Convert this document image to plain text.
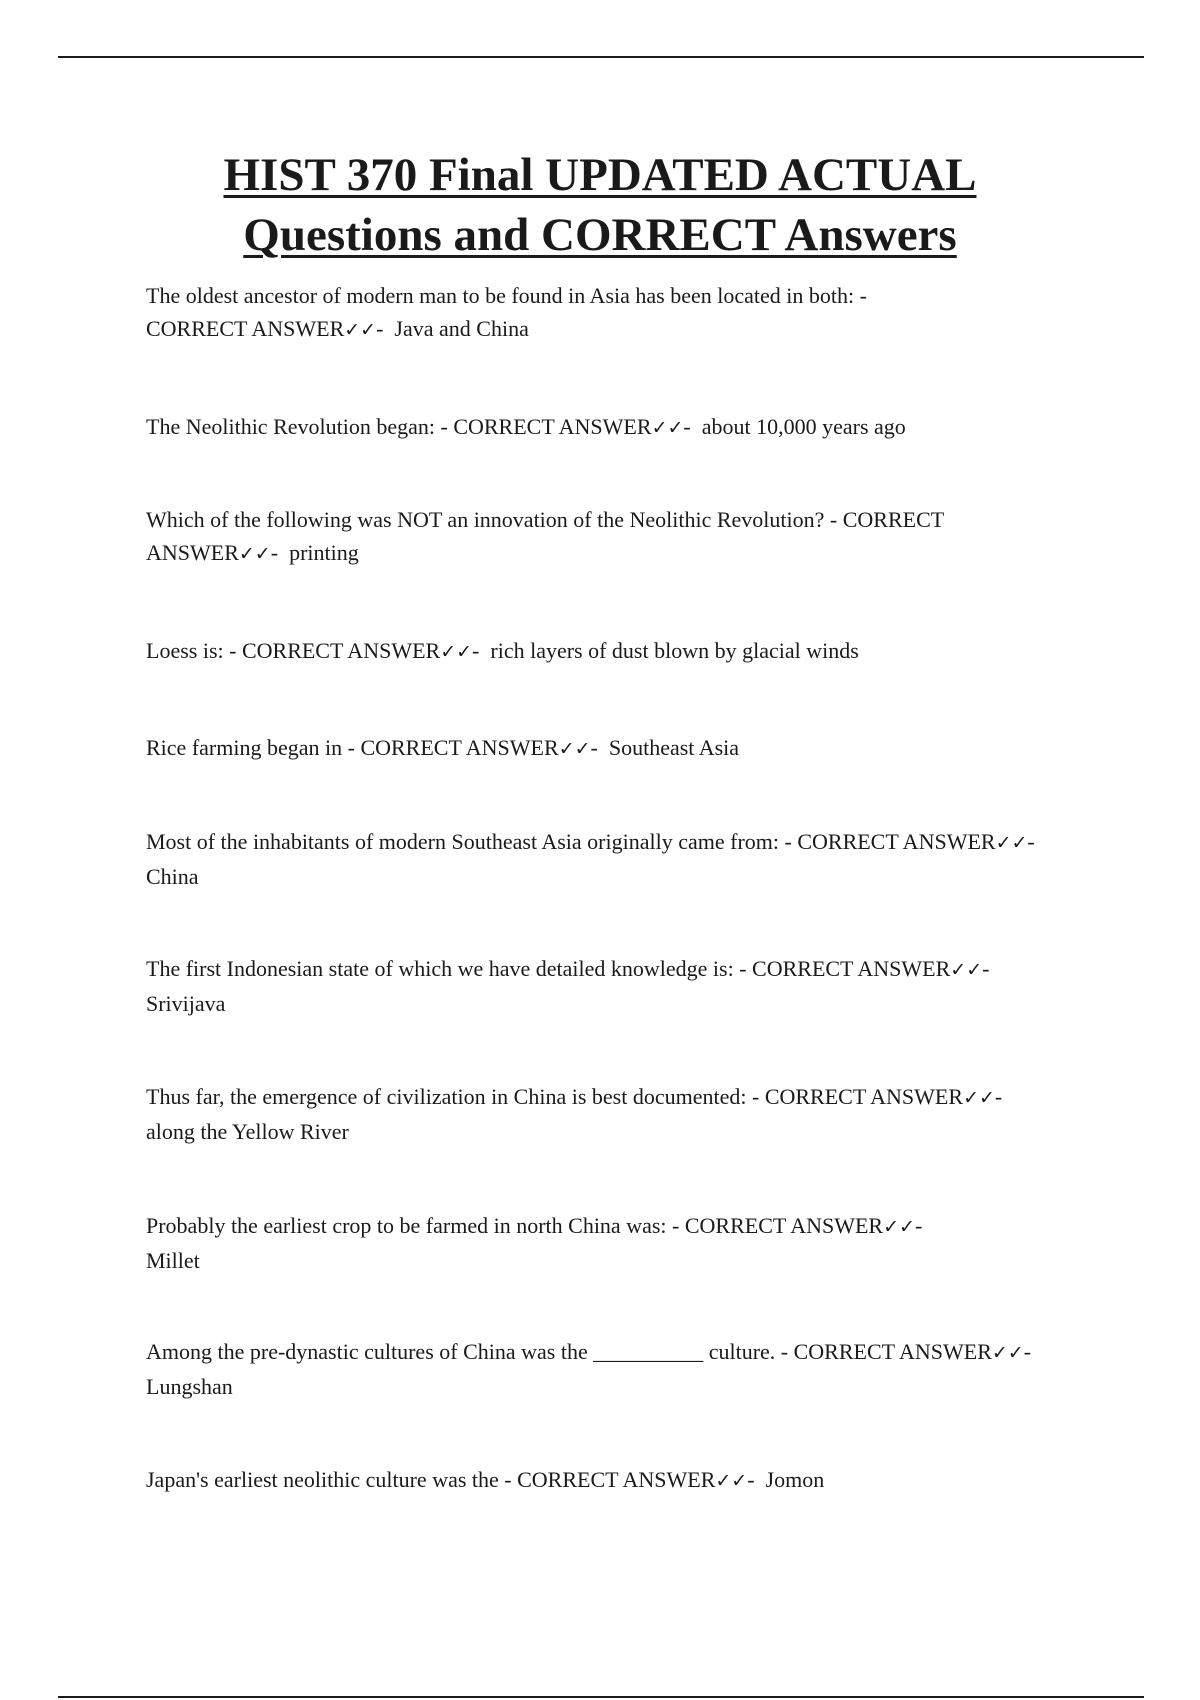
HIST 370 Final UPDATED ACTUAL
Questions and CORRECT Answers

The oldest ancestor of modern man to be found in Asia has been located in both: -
CORRECT ANSWER✓✓-  Java and China

The Neolithic Revolution began: - CORRECT ANSWER✓✓-  about 10,000 years ago

Which of the following was NOT an innovation of the Neolithic Revolution? - CORRECT ANSWER✓✓-  printing

Loess is: - CORRECT ANSWER✓✓-  rich layers of dust blown by glacial winds

Rice farming began in - CORRECT ANSWER✓✓-  Southeast Asia

Most of the inhabitants of modern Southeast Asia originally came from: - CORRECT ANSWER✓✓-  China

The first Indonesian state of which we have detailed knowledge is: - CORRECT ANSWER✓✓-  Srivijava

Thus far, the emergence of civilization in China is best documented: - CORRECT ANSWER✓✓-  along the Yellow River

Probably the earliest crop to be farmed in north China was: - CORRECT ANSWER✓✓-
Millet

Among the pre-dynastic cultures of China was the __________ culture. - CORRECT ANSWER✓✓-  Lungshan

Japan's earliest neolithic culture was the - CORRECT ANSWER✓✓-  Jomon
